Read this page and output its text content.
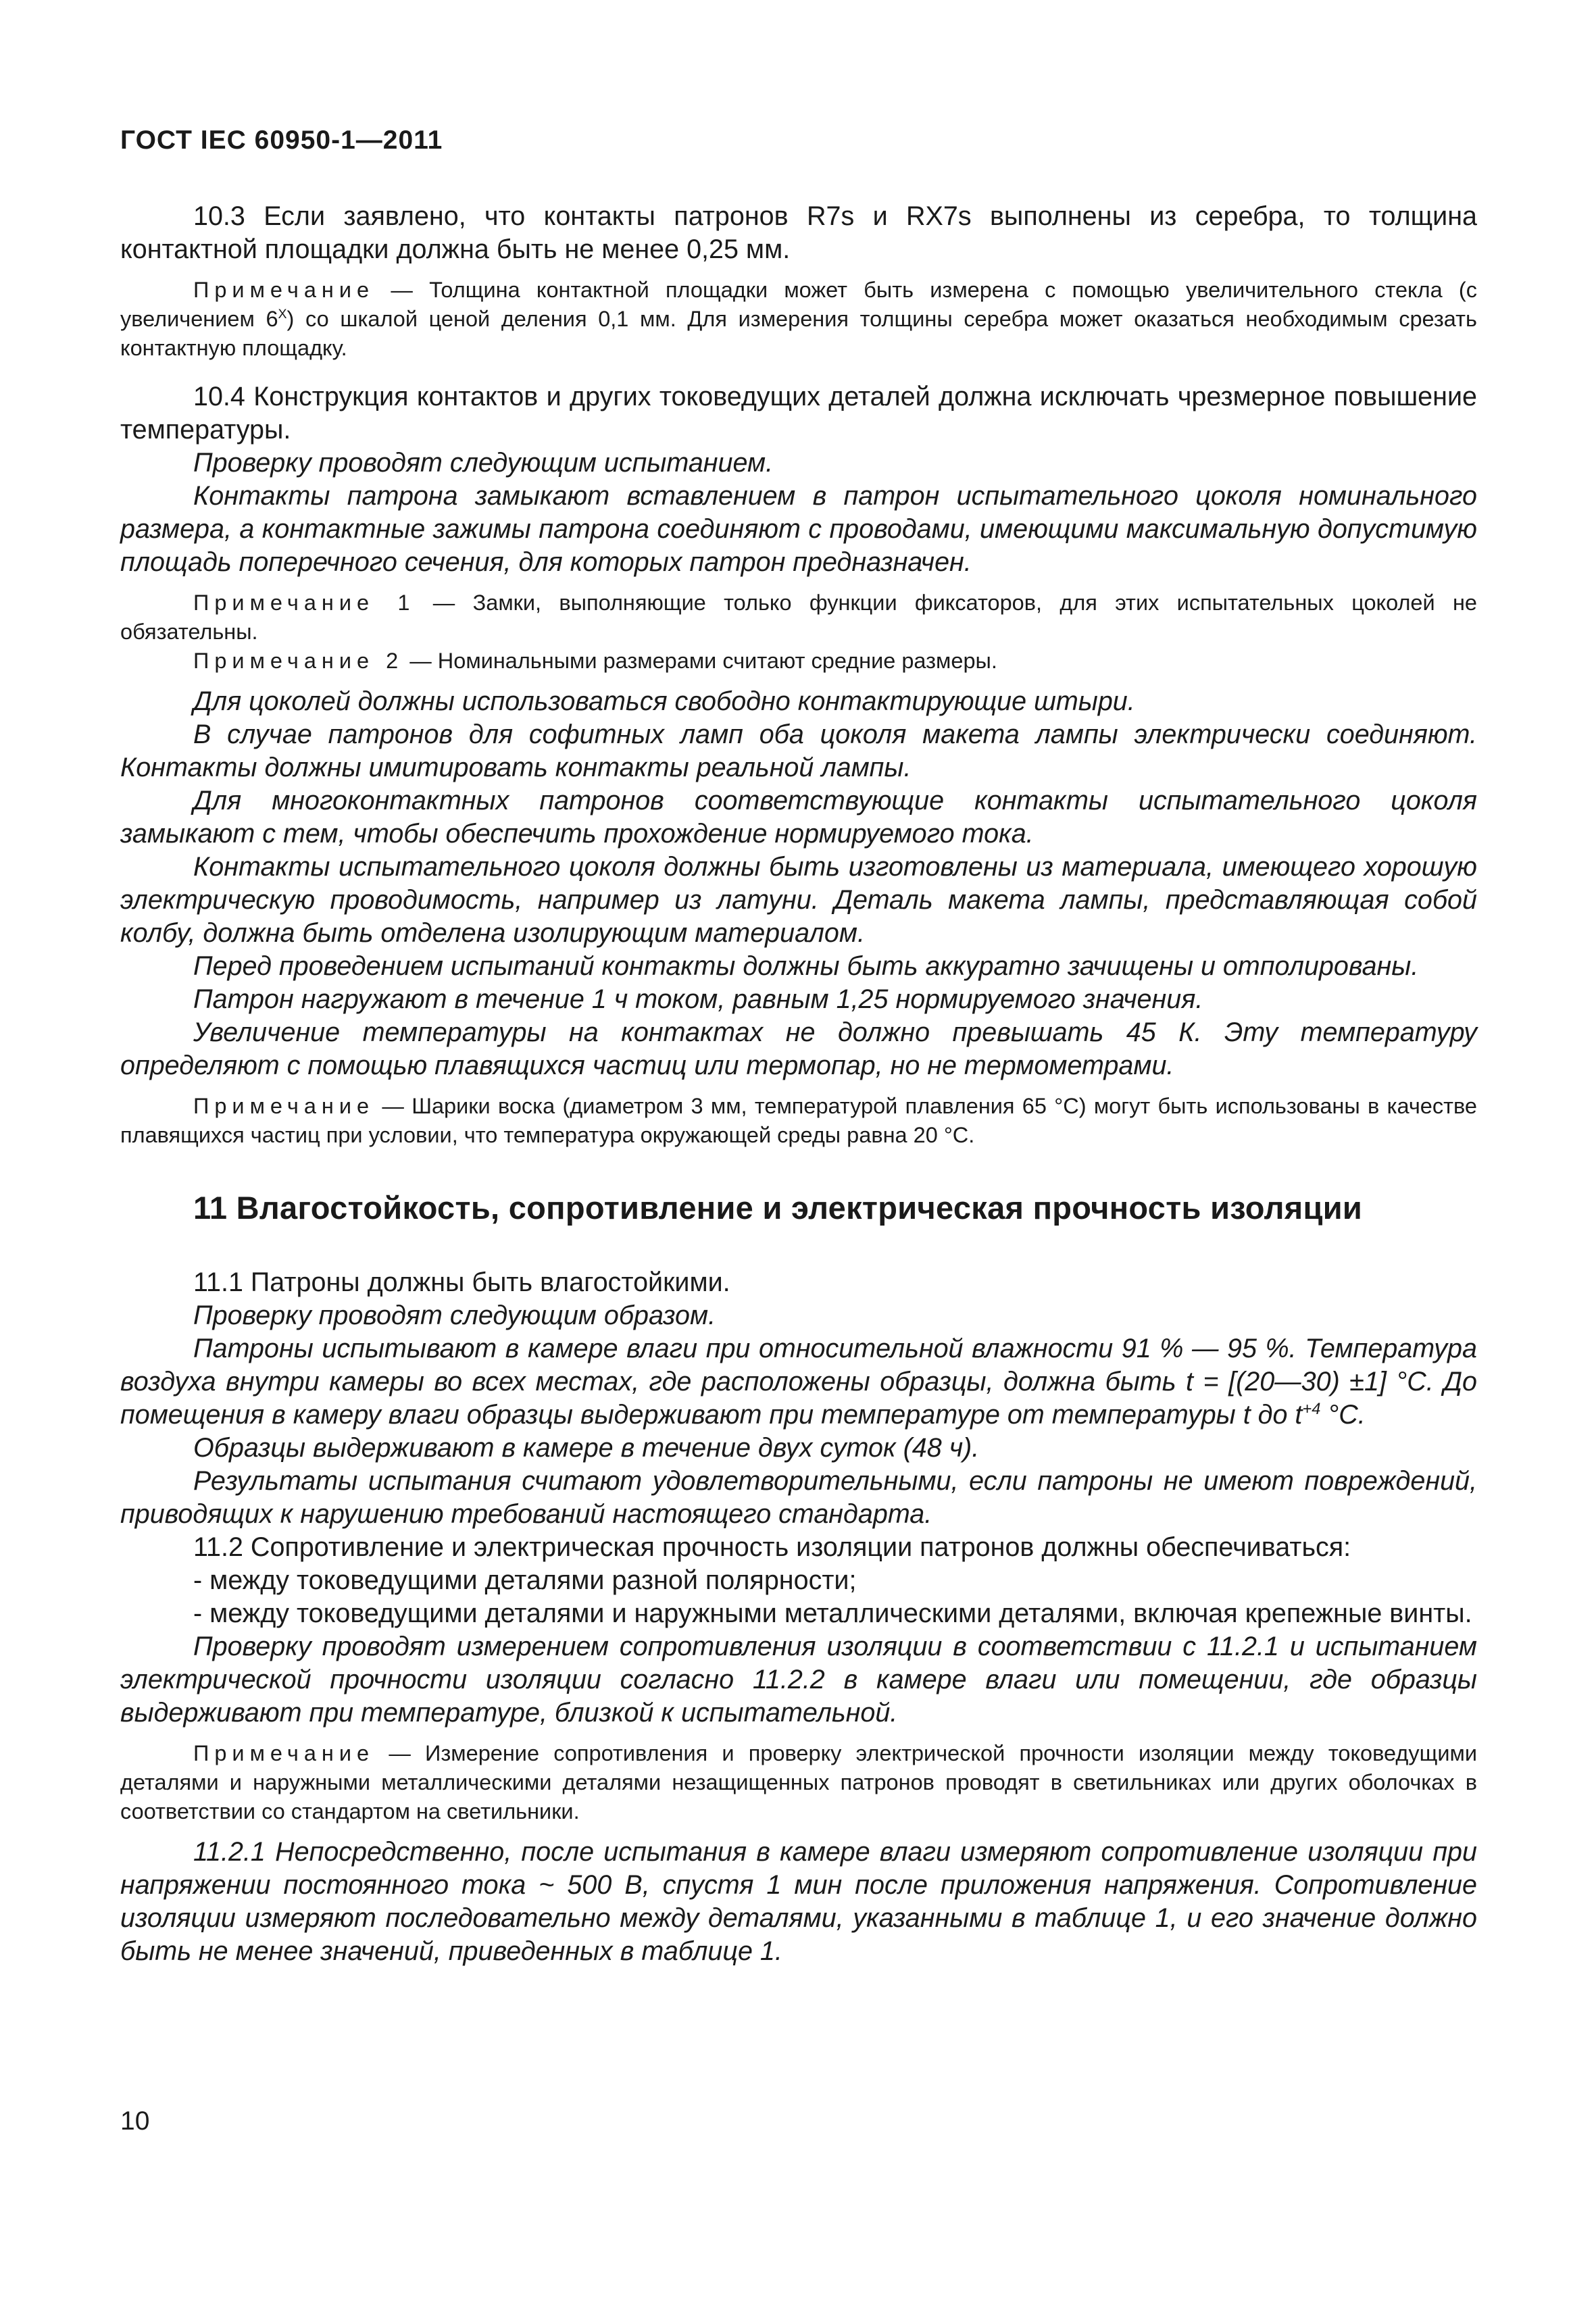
ГОСТ IEC 60950-1—2011

10.3 Если заявлено, что контакты патронов R7s и RX7s выполнены из серебра, то толщина контактной площадки должна быть не менее 0,25 мм.

Примечание — Толщина контактной площадки может быть измерена с помощью увеличительного стекла (с увеличением $6^X$) со шкалой ценой деления 0,1 мм. Для измерения толщины серебра может оказаться необходимым срезать контактную площадку.

10.4 Конструкция контактов и других токоведущих деталей должна исключать чрезмерное повышение температуры.

Проверку проводят следующим испытанием.

Контакты патрона замыкают вставлением в патрон испытательного цоколя номинального размера, а контактные зажимы патрона соединяют с проводами, имеющими максимальную допустимую площадь поперечного сечения, для которых патрон предназначен.

Примечание 1 — Замки, выполняющие только функции фиксаторов, для этих испытательных цоколей не обязательны.

Примечание 2 — Номинальными размерами считают средние размеры.

Для цоколей должны использоваться свободно контактирующие штыри.

В случае патронов для софитных ламп оба цоколя макета лампы электрически соединяют. Контакты должны имитировать контакты реальной лампы.

Для многоконтактных патронов соответствующие контакты испытательного цоколя замыкают с тем, чтобы обеспечить прохождение нормируемого тока.

Контакты испытательного цоколя должны быть изготовлены из материала, имеющего хорошую электрическую проводимость, например из латуни. Деталь макета лампы, представляющая собой колбу, должна быть отделена изолирующим материалом.

Перед проведением испытаний контакты должны быть аккуратно зачищены и отполированы.

Патрон нагружают в течение 1 ч током, равным 1,25 нормируемого значения.

Увеличение температуры на контактах не должно превышать 45 К. Эту температуру определяют с помощью плавящихся частиц или термопар, но не термометрами.

Примечание — Шарики воска (диаметром 3 мм, температурой плавления 65 °С) могут быть использованы в качестве плавящихся частиц при условии, что температура окружающей среды равна 20 °С.

11 Влагостойкость, сопротивление и электрическая прочность изоляции

11.1 Патроны должны быть влагостойкими.

Проверку проводят следующим образом.

Патроны испытывают в камере влаги при относительной влажности 91 % — 95 %. Температура воздуха внутри камеры во всех местах, где расположены образцы, должна быть t = [(20—30) ±1] °С. До помещения в камеру влаги образцы выдерживают при температуре от температуры t до $t^{+4}$ °С.

Образцы выдерживают в камере в течение двух суток (48 ч).

Результаты испытания считают удовлетворительными, если патроны не имеют повреждений, приводящих к нарушению требований настоящего стандарта.

11.2 Сопротивление и электрическая прочность изоляции патронов должны обеспечиваться:

- между токоведущими деталями разной полярности;

- между токоведущими деталями и наружными металлическими деталями, включая крепежные винты.

Проверку проводят измерением сопротивления изоляции в соответствии с 11.2.1 и испытанием электрической прочности изоляции согласно 11.2.2 в камере влаги или помещении, где образцы выдерживают при температуре, близкой к испытательной.

Примечание — Измерение сопротивления и проверку электрической прочности изоляции между токоведущими деталями и наружными металлическими деталями незащищенных патронов проводят в светильниках или других оболочках в соответствии со стандартом на светильники.

11.2.1 Непосредственно, после испытания в камере влаги измеряют сопротивление изоляции при напряжении постоянного тока ~ 500 В, спустя 1 мин после приложения напряжения. Сопротивление изоляции измеряют последовательно между деталями, указанными в таблице 1, и его значение должно быть не менее значений, приведенных в таблице 1.

10
